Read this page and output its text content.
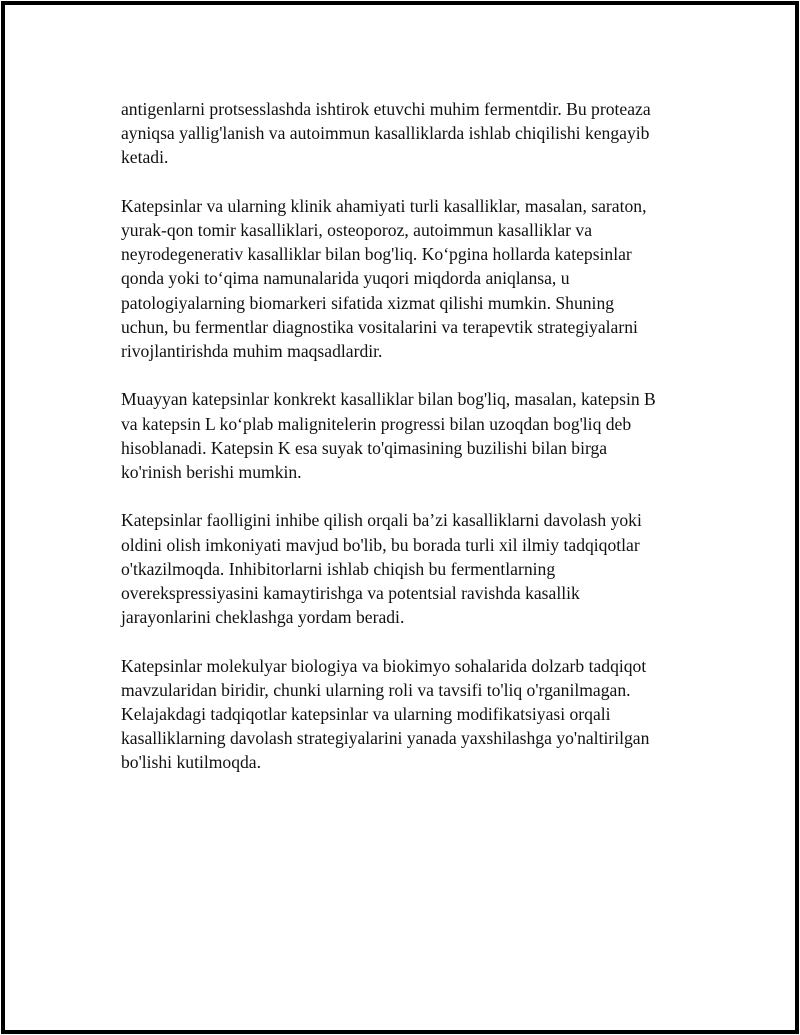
antigenlarni protsesslashda ishtirok etuvchi muhim fermentdir. Bu proteaza
ayniqsa yallig'lanish va autoimmun kasalliklarda ishlab chiqilishi kengayib
ketadi.

Katepsinlar va ularning klinik ahamiyati turli kasalliklar, masalan, saraton,
yurak-qon tomir kasalliklari, osteoporoz, autoimmun kasalliklar va
neyrodegenerativ kasalliklar bilan bog'liq. Ko‘pgina hollarda katepsinlar
qonda yoki to‘qima namunalarida yuqori miqdorda aniqlansa, u
patologiyalarning biomarkeri sifatida xizmat qilishi mumkin. Shuning
uchun, bu fermentlar diagnostika vositalarini va terapevtik strategiyalarni
rivojlantirishda muhim maqsadlardir.

Muayyan katepsinlar konkrekt kasalliklar bilan bog'liq, masalan, katepsin B
va katepsin L ko‘plab malignitelerin progressi bilan uzoqdan bog'liq deb
hisoblanadi. Katepsin K esa suyak to'qimasining buzilishi bilan birga
ko'rinish berishi mumkin.

Katepsinlar faolligini inhibe qilish orqali ba’zi kasalliklarni davolash yoki
oldini olish imkoniyati mavjud bo'lib, bu borada turli xil ilmiy tadqiqotlar
o'tkazilmoqda. Inhibitorlarni ishlab chiqish bu fermentlarning
overekspressiyasini kamaytirishga va potentsial ravishda kasallik
jarayonlarini cheklashga yordam beradi.

Katepsinlar molekulyar biologiya va biokimyo sohalarida dolzarb tadqiqot
mavzularidan biridir, chunki ularning roli va tavsifi to'liq o'rganilmagan.
Kelajakdagi tadqiqotlar katepsinlar va ularning modifikatsiyasi orqali
kasalliklarning davolash strategiyalarini yanada yaxshilashga yo'naltirilgan
bo'lishi kutilmoqda.
